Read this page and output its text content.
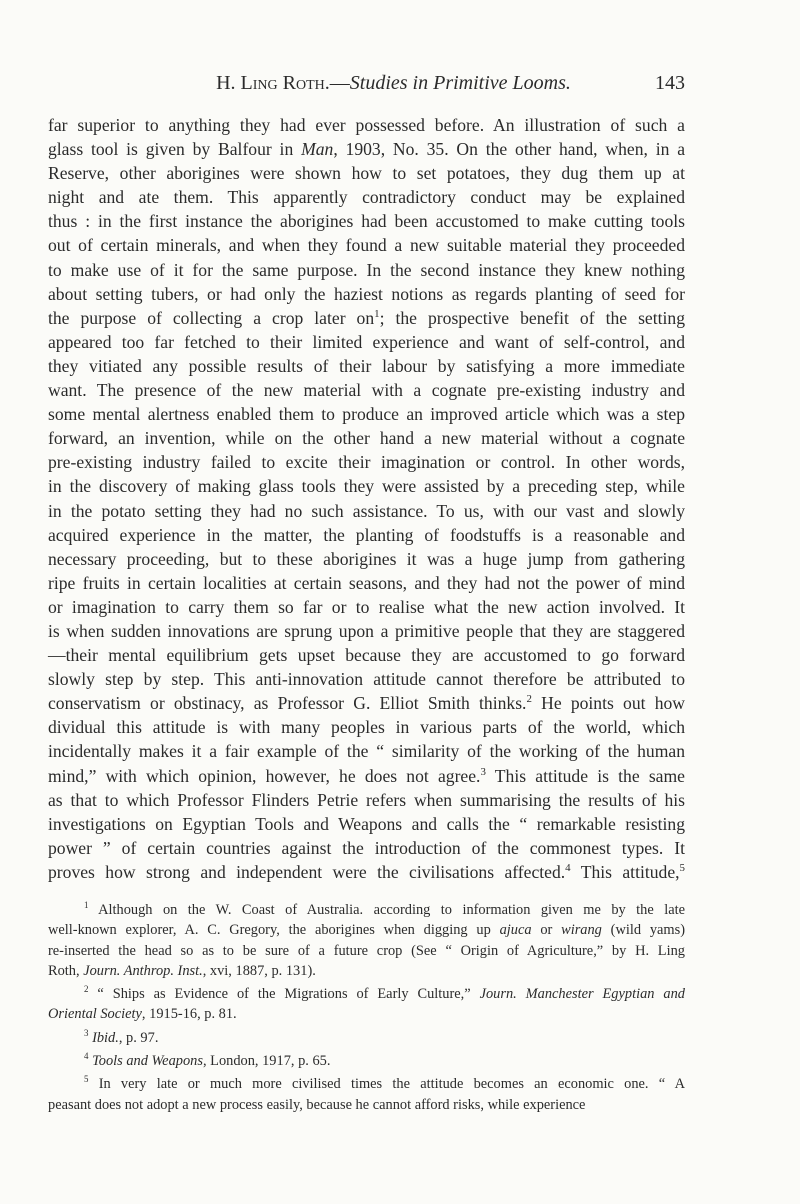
H. Ling Roth.—Studies in Primitive Looms.	143
far superior to anything they had ever possessed before. An illustration of such a
glass tool is given by Balfour in Man, 1903, No. 35. On the other hand, when, in a
Reserve, other aborigines were shown how to set potatoes, they dug them up at
night and ate them. This apparently contradictory conduct may be explained
thus : in the first instance the aborigines had been accustomed to make cutting tools
out of certain minerals, and when they found a new suitable material they proceeded
to make use of it for the same purpose. In the second instance they knew nothing
about setting tubers, or had only the haziest notions as regards planting of seed for
the purpose of collecting a crop later $on^1$; the prospective benefit of the setting
appeared too far fetched to their limited experience and want of self-control, and
they vitiated any possible results of their labour by satisfying a more immediate
want. The presence of the new material with a cognate pre-existing industry and
some mental alertness enabled them to produce an improved article which was a step
forward, an invention, while on the other hand a new material without a cognate
pre-existing industry failed to excite their imagination or control. In other words,
in the discovery of making glass tools they were assisted by a preceding step, while
in the potato setting they had no such assistance. To us, with our vast and slowly
acquired experience in the matter, the planting of foodstuffs is a reasonable and
necessary proceeding, but to these aborigines it was a huge jump from gathering
ripe fruits in certain localities at certain seasons, and they had not the power of mind
or imagination to carry them so far or to realise what the new action involved. It
is when sudden innovations are sprung upon a primitive people that they are staggered
—their mental equilibrium gets upset because they are accustomed to go forward
slowly step by step. This anti-innovation attitude cannot therefore be attributed to
conservatism or obstinacy, as Professor G. Elliot Smith thinks.$^2$ He points out how
dividual this attitude is with many peoples in various parts of the world, which
incidentally makes it a fair example of the “ similarity of the working of the human
mind,” with which opinion, however, he does not agree.$^3$ This attitude is the same
as that to which Professor Flinders Petrie refers when summarising the results of his
investigations on Egyptian Tools and Weapons and calls the “ remarkable resisting
power ” of certain countries against the introduction of the commonest types. It
proves how strong and independent were the civilisations affected.$^4$ This attitude,$^5$
$^1$ Although on the W. Coast of Australia. according to information given me by the late
well-known explorer, A. C. Gregory, the aborigines when digging up ajuca or wirang (wild yams)
re-inserted the head so as to be sure of a future crop (See “ Origin of Agriculture,” by H. Ling
Roth, Journ. Anthrop. Inst., xvi, 1887, p. 131).
$^2$ “ Ships as Evidence of the Migrations of Early Culture,” Journ. Manchester Egyptian and
Oriental Society, 1915-16, p. 81.
$^3$ Ibid., p. 97.
$^4$ Tools and Weapons, London, 1917, p. 65.
$^5$ In very late or much more civilised times the attitude becomes an economic one. “ A
peasant does not adopt a new process easily, because he cannot afford risks, while experience
